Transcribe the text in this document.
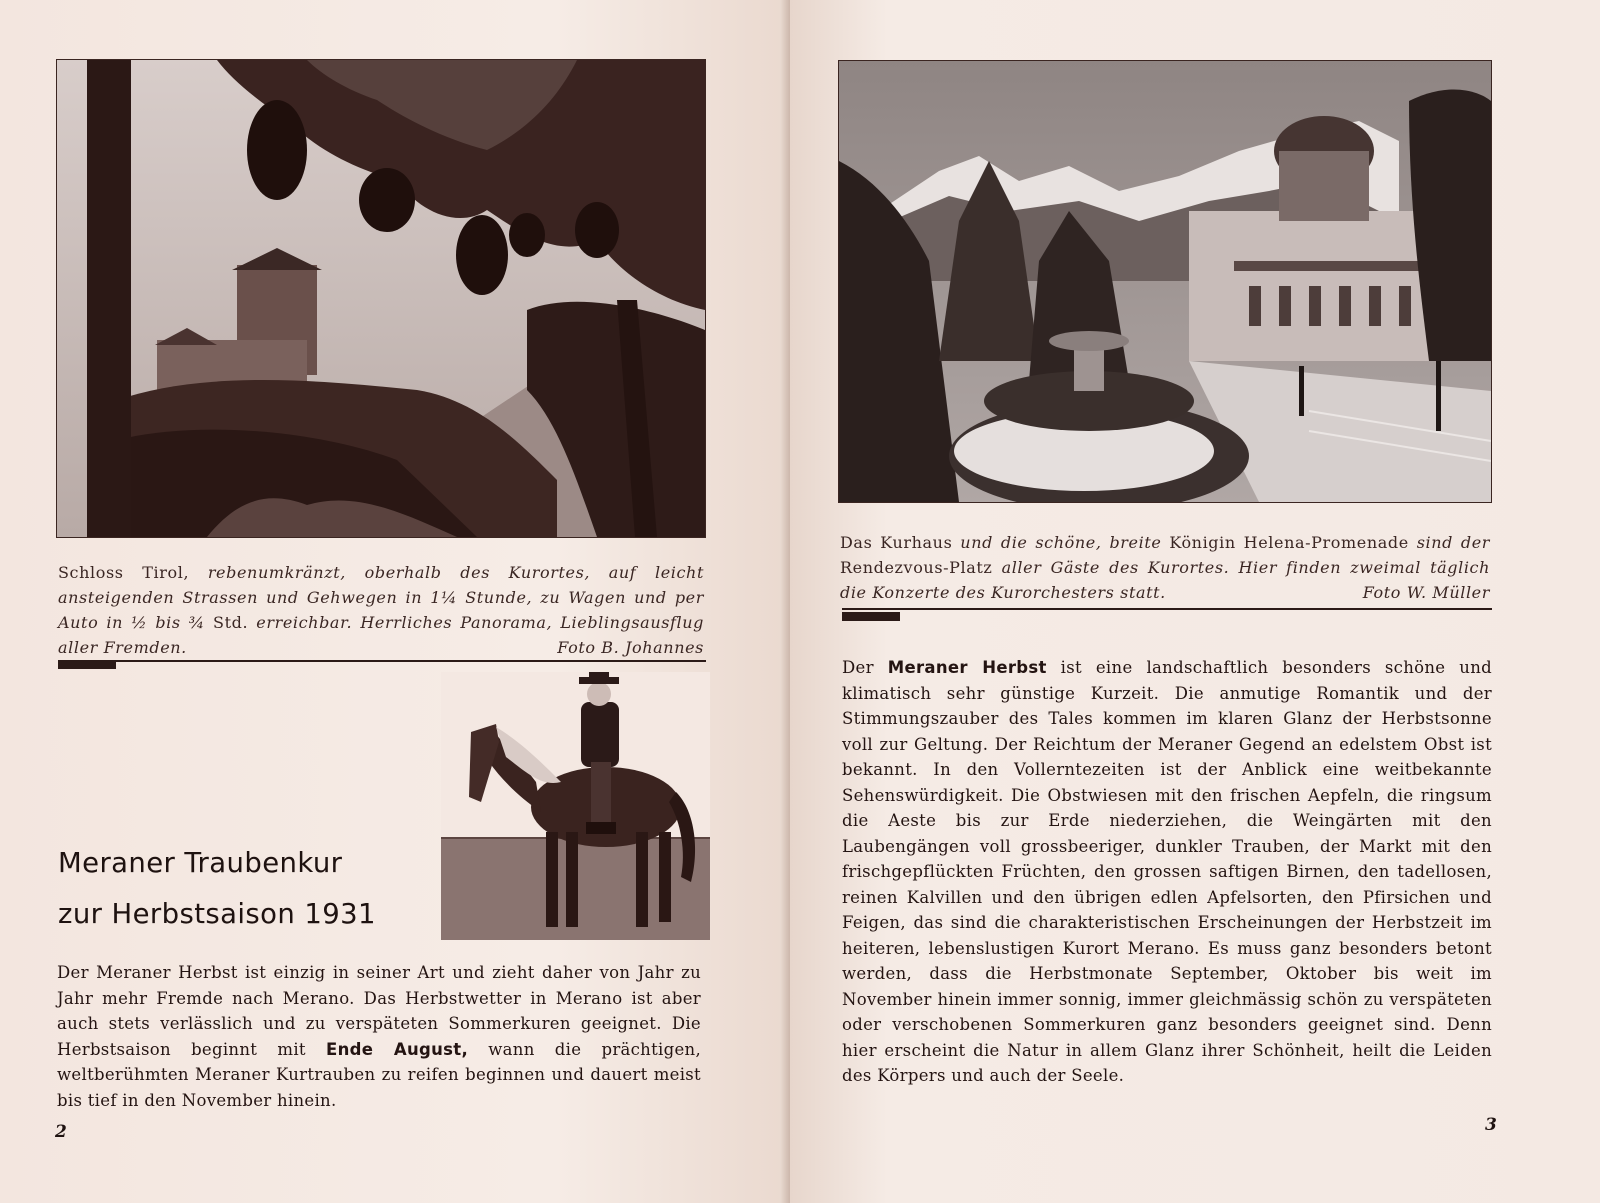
Schloss Tirol, rebenumkränzt, oberhalb des Kurortes, auf leicht ansteigenden Strassen und Gehwegen in 1¼ Stunde, zu Wagen und per Auto in ½ bis ¾ Std. erreichbar. Herrliches Panorama, Lieblingsausflug aller Fremden.	Foto B. Johannes
Meraner Traubenkur
zur Herbstsaison 1931
Der Meraner Herbst ist einzig in seiner Art und zieht daher von Jahr zu Jahr mehr Fremde nach Merano. Das Herbstwetter in Merano ist aber auch stets verlässlich und zu verspäteten Sommerkuren geeignet. Die Herbstsaison beginnt mit Ende August, wann die prächtigen, weltberühmten Meraner Kurtrauben zu reifen beginnen und dauert meist bis tief in den November hinein.
2
Das Kurhaus und die schöne, breite Königin Helena-Promenade sind der Rendezvous-Platz aller Gäste des Kurortes. Hier finden zweimal täglich die Konzerte des Kurorchesters statt.	Foto W. Müller
Der Meraner Herbst ist eine landschaftlich besonders schöne und klimatisch sehr günstige Kurzeit. Die anmutige Romantik und der Stimmungszauber des Tales kommen im klaren Glanz der Herbstsonne voll zur Geltung. Der Reichtum der Meraner Gegend an edelstem Obst ist bekannt. In den Vollerntezeiten ist der Anblick eine weitbekannte Sehenswürdigkeit. Die Obstwiesen mit den frischen Aepfeln, die ringsum die Aeste bis zur Erde niederziehen, die Weingärten mit den Laubengängen voll grossbeeriger, dunkler Trauben, der Markt mit den frischgepflückten Früchten, den grossen saftigen Birnen, den tadellosen, reinen Kalvillen und den übrigen edlen Apfelsorten, den Pfirsichen und Feigen, das sind die charakteristischen Erscheinungen der Herbstzeit im heiteren, lebenslustigen Kurort Merano. Es muss ganz besonders betont werden, dass die Herbstmonate September, Oktober bis weit im November hinein immer sonnig, immer gleichmässig schön zu verspäteten oder verschobenen Sommerkuren ganz besonders geeignet sind. Denn hier erscheint die Natur in allem Glanz ihrer Schönheit, heilt die Leiden des Körpers und auch der Seele.
3
